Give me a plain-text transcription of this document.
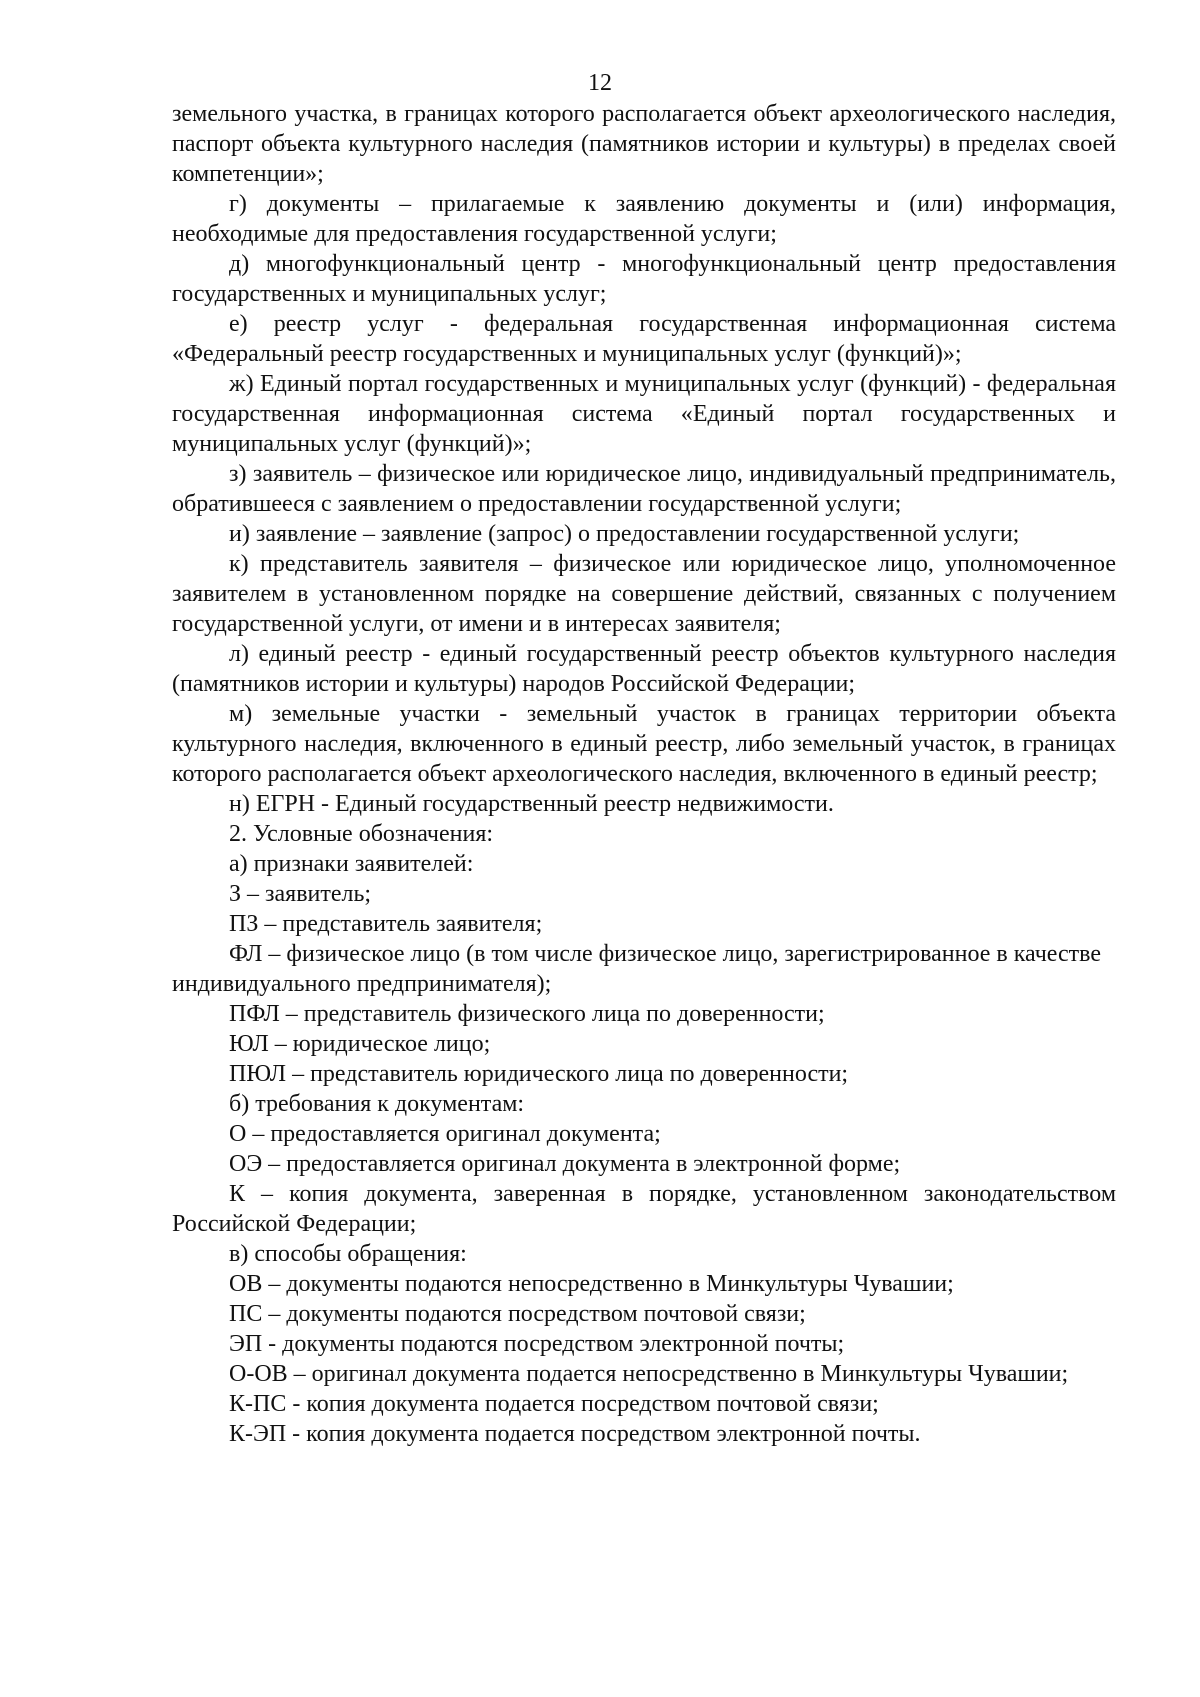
12

земельного участка, в границах которого располагается объект археологического наследия, паспорт объекта культурного наследия (памятников истории и культуры) в пределах своей компетенции»;

г) документы – прилагаемые к заявлению документы и (или) информация, необходимые для предоставления государственной услуги;

д) многофункциональный центр - многофункциональный центр предоставления государственных и муниципальных услуг;

е) реестр услуг - федеральная государственная информационная система «Федеральный реестр государственных и муниципальных услуг (функций)»;

ж) Единый портал государственных и муниципальных услуг (функций) - федеральная государственная информационная система «Единый портал государственных и муниципальных услуг (функций)»;

з) заявитель – физическое или юридическое лицо, индивидуальный предприниматель, обратившееся с заявлением о предоставлении государственной услуги;

и) заявление – заявление (запрос) о предоставлении государственной услуги;

к) представитель заявителя – физическое или юридическое лицо, уполномоченное заявителем в установленном порядке на совершение действий, связанных с получением государственной услуги, от имени и в интересах заявителя;

л) единый реестр - единый государственный реестр объектов культурного наследия (памятников истории и культуры) народов Российской Федерации;

м) земельные участки - земельный участок в границах территории объекта культурного наследия, включенного в единый реестр, либо земельный участок, в границах которого располагается объект археологического наследия, включенного в единый реестр;

н) ЕГРН - Единый государственный реестр недвижимости.

2. Условные обозначения:

а) признаки заявителей:

З – заявитель;

ПЗ – представитель заявителя;

ФЛ – физическое лицо (в том числе физическое лицо, зарегистрированное в качестве индивидуального предпринимателя);

ПФЛ – представитель физического лица по доверенности;

ЮЛ – юридическое лицо;

ПЮЛ – представитель юридического лица по доверенности;

б) требования к документам:

О – предоставляется оригинал документа;

ОЭ – предоставляется оригинал документа в электронной форме;

К – копия документа, заверенная в порядке, установленном законодательством Российской Федерации;

в) способы обращения:

ОВ – документы подаются непосредственно в Минкультуры Чувашии;

ПС – документы подаются посредством почтовой связи;

ЭП - документы подаются посредством электронной почты;

О-ОВ – оригинал документа подается непосредственно в Минкультуры Чувашии;

К-ПС - копия документа подается посредством почтовой связи;

К-ЭП - копия документа подается посредством электронной почты.
